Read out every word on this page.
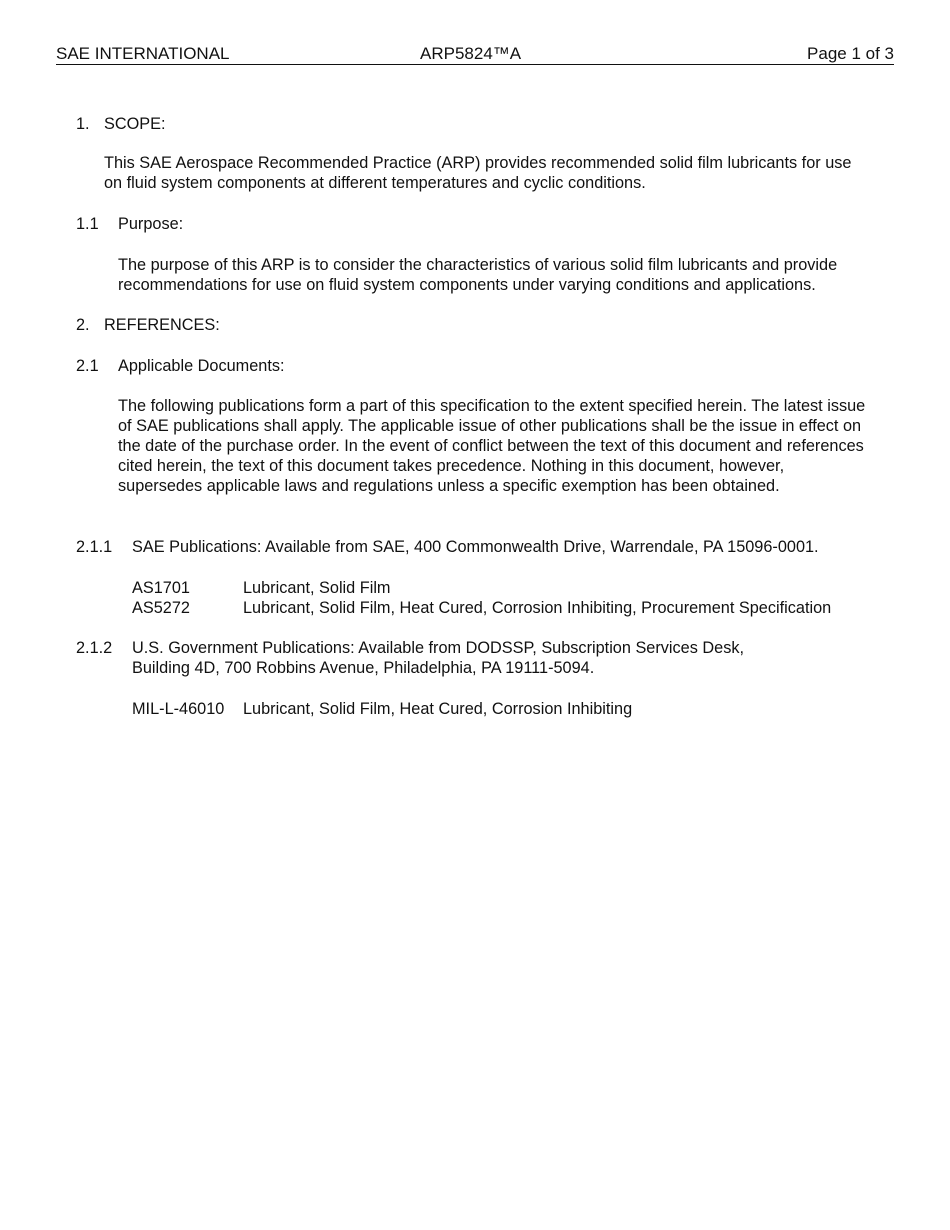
SAE INTERNATIONAL	ARP5824™A	Page 1 of 3
1. SCOPE:
This SAE Aerospace Recommended Practice (ARP) provides recommended solid film lubricants for use on fluid system components at different temperatures and cyclic conditions.
1.1 Purpose:
The purpose of this ARP is to consider the characteristics of various solid film lubricants and provide recommendations for use on fluid system components under varying conditions and applications.
2. REFERENCES:
2.1 Applicable Documents:
The following publications form a part of this specification to the extent specified herein. The latest issue of SAE publications shall apply. The applicable issue of other publications shall be the issue in effect on the date of the purchase order. In the event of conflict between the text of this document and references cited herein, the text of this document takes precedence. Nothing in this document, however, supersedes applicable laws and regulations unless a specific exemption has been obtained.
2.1.1 SAE Publications: Available from SAE, 400 Commonwealth Drive, Warrendale, PA 15096-0001.
AS1701	Lubricant, Solid Film
AS5272	Lubricant, Solid Film, Heat Cured, Corrosion Inhibiting, Procurement Specification
2.1.2 U.S. Government Publications: Available from DODSSP, Subscription Services Desk,
Building 4D, 700 Robbins Avenue, Philadelphia, PA 19111-5094.
MIL-L-46010 Lubricant, Solid Film, Heat Cured, Corrosion Inhibiting
